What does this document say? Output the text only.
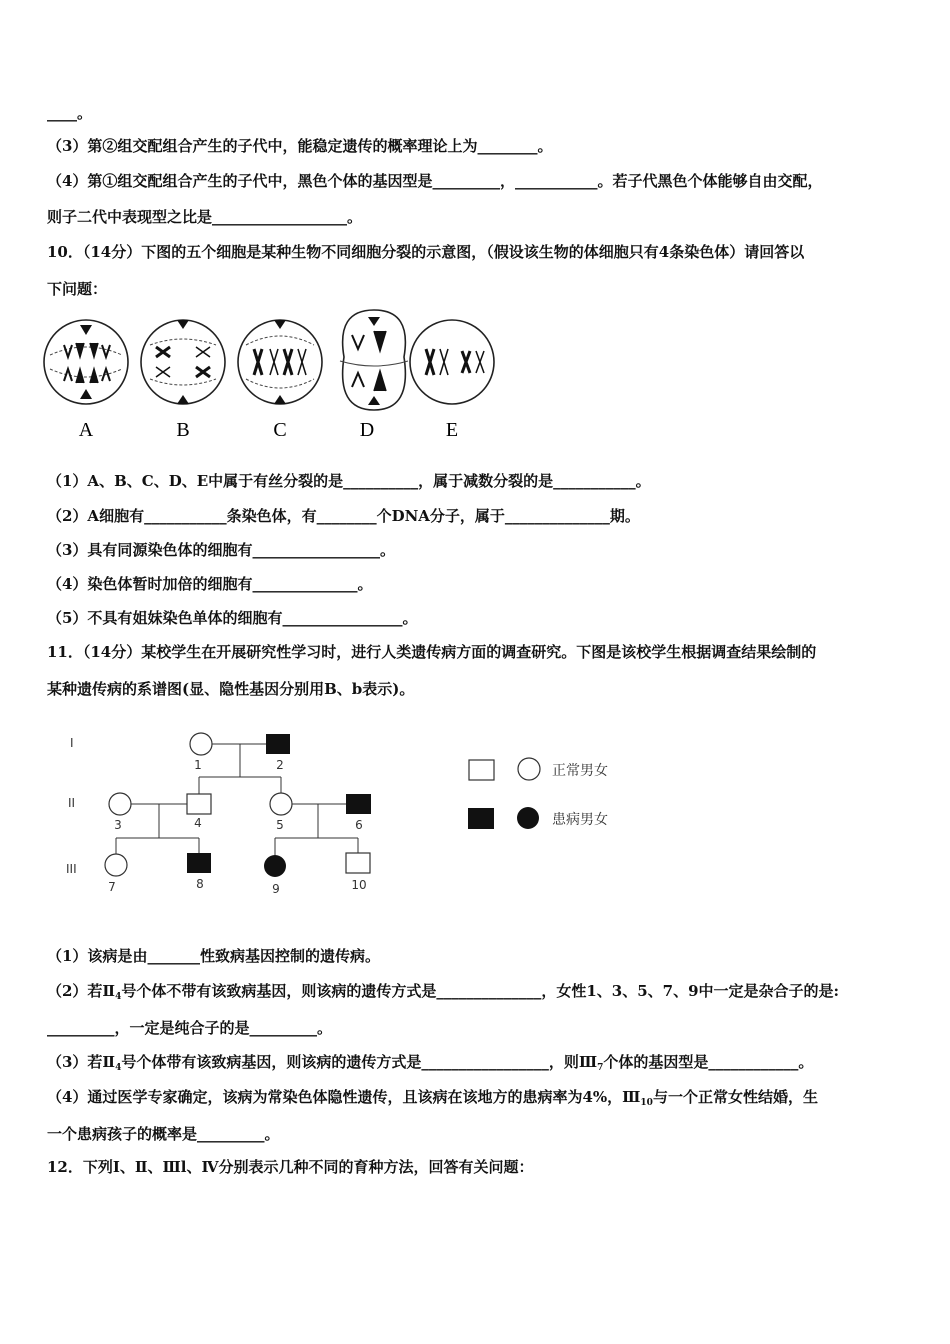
____。
（3）第②组交配组合产生的子代中，能稳定遗传的概率理论上为________。
（4）第①组交配组合产生的子代中，黑色个体的基因型是_________，___________。若子代黑色个体能够自由交配，
则子二代中表现型之比是__________________。
10．（14分）下图的五个细胞是某种生物不同细胞分裂的示意图，（假设该生物的体细胞只有4条染色体）请回答以
下问题：
A	B	C	D	E
（1）A、B、C、D、E中属于有丝分裂的是__________，属于减数分裂的是___________。
（2）A细胞有___________条染色体，有________个DNA分子，属于______________期。
（3）具有同源染色体的细胞有_________________。
（4）染色体暂时加倍的细胞有______________。
（5）不具有姐妹染色单体的细胞有________________。
11．（14分）某校学生在开展研究性学习时，进行人类遗传病方面的调查研究。下图是该校学生根据调查结果绘制的
某种遗传病的系谱图(显、隐性基因分别用B、b表示)。
I
II
III
1	2
3	4	5	6
7	8	9	10
正常男女
患病男女
（1）该病是由_______性致病基因控制的遗传病。
（2）若$Ⅱ_4$号个体不带有该致病基因，则该病的遗传方式是______________，女性1、3、5、7、9中一定是杂合子的是:
_________，一定是纯合子的是_________。
（3）若$Ⅱ_4$号个体带有该致病基因，则该病的遗传方式是_________________，则$Ⅲ_7$个体的基因型是____________。
（4）通过医学专家确定，该病为常染色体隐性遗传，且该病在该地方的患病率为4%，$Ⅲ_{10}$与一个正常女性结婚，生
一个患病孩子的概率是_________。
12．下列Ⅰ、Ⅱ、Ⅲl、Ⅳ分别表示几种不同的育种方法，回答有关问题：
